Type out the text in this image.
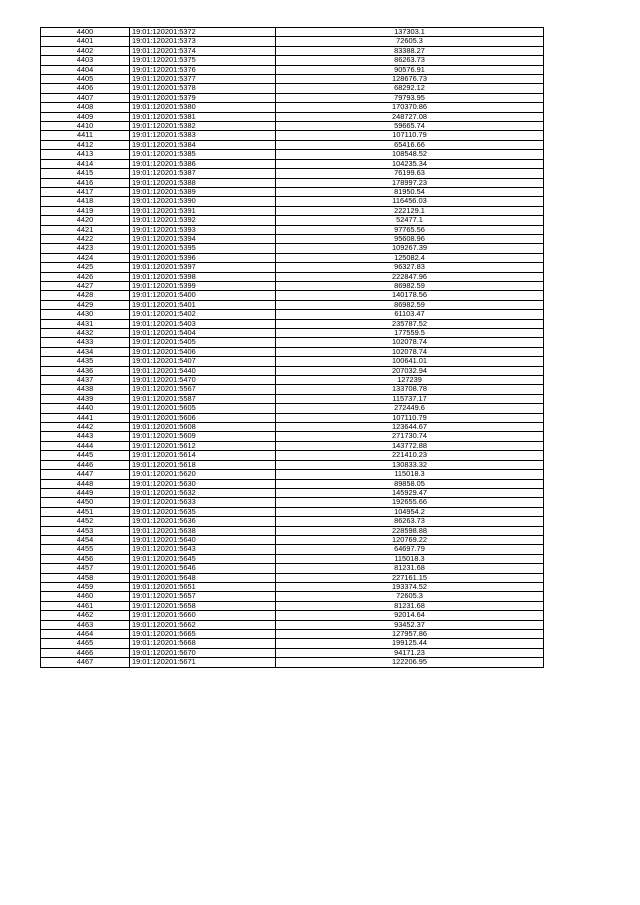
4400	19:01:120201:5372	137303.1
4401	19:01:120201:5373	72605.3
4402	19:01:120201:5374	83388.27
4403	19:01:120201:5375	86263.73
4404	19:01:120201:5376	90576.91
4405	19:01:120201:5377	128676.73
4406	19:01:120201:5378	68292.12
4407	19:01:120201:5379	79793.95
4408	19:01:120201:5380	170370.86
4409	19:01:120201:5381	248727.08
4410	19:01:120201:5382	59665.74
4411	19:01:120201:5383	107110.79
4412	19:01:120201:5384	65416.66
4413	19:01:120201:5385	108548.52
4414	19:01:120201:5386	104235.34
4415	19:01:120201:5387	76199.63
4416	19:01:120201:5388	178997.23
4417	19:01:120201:5389	81950.54
4418	19:01:120201:5390	116456.03
4419	19:01:120201:5391	222129.1
4420	19:01:120201:5392	52477.1
4421	19:01:120201:5393	97765.56
4422	19:01:120201:5394	95608.96
4423	19:01:120201:5395	109267.39
4424	19:01:120201:5396	125082.4
4425	19:01:120201:5397	96327.83
4426	19:01:120201:5398	222847.96
4427	19:01:120201:5399	86982.59
4428	19:01:120201:5400	140178.56
4429	19:01:120201:5401	86982.59
4430	19:01:120201:5402	61103.47
4431	19:01:120201:5403	235787.52
4432	19:01:120201:5404	177559.5
4433	19:01:120201:5405	102078.74
4434	19:01:120201:5406	102078.74
4435	19:01:120201:5407	100641.01
4436	19:01:120201:5440	207032.94
4437	19:01:120201:5470	127239
4438	19:01:120201:5567	133708.78
4439	19:01:120201:5587	115737.17
4440	19:01:120201:5605	272449.6
4441	19:01:120201:5606	107110.79
4442	19:01:120201:5608	123644.67
4443	19:01:120201:5609	271730.74
4444	19:01:120201:5612	143772.88
4445	19:01:120201:5614	221410.23
4446	19:01:120201:5618	130833.32
4447	19:01:120201:5620	115018.3
4448	19:01:120201:5630	89858.05
4449	19:01:120201:5632	145929.47
4450	19:01:120201:5633	192655.66
4451	19:01:120201:5635	104954.2
4452	19:01:120201:5636	86263.73
4453	19:01:120201:5638	228598.88
4454	19:01:120201:5640	120769.22
4455	19:01:120201:5643	64697.79
4456	19:01:120201:5645	115018.3
4457	19:01:120201:5646	81231.68
4458	19:01:120201:5648	227161.15
4459	19:01:120201:5651	193374.52
4460	19:01:120201:5657	72605.3
4461	19:01:120201:5658	81231.68
4462	19:01:120201:5660	92014.64
4463	19:01:120201:5662	93452.37
4464	19:01:120201:5665	127957.86
4465	19:01:120201:5668	199125.44
4466	19:01:120201:5670	94171.23
4467	19:01:120201:5671	122206.95
